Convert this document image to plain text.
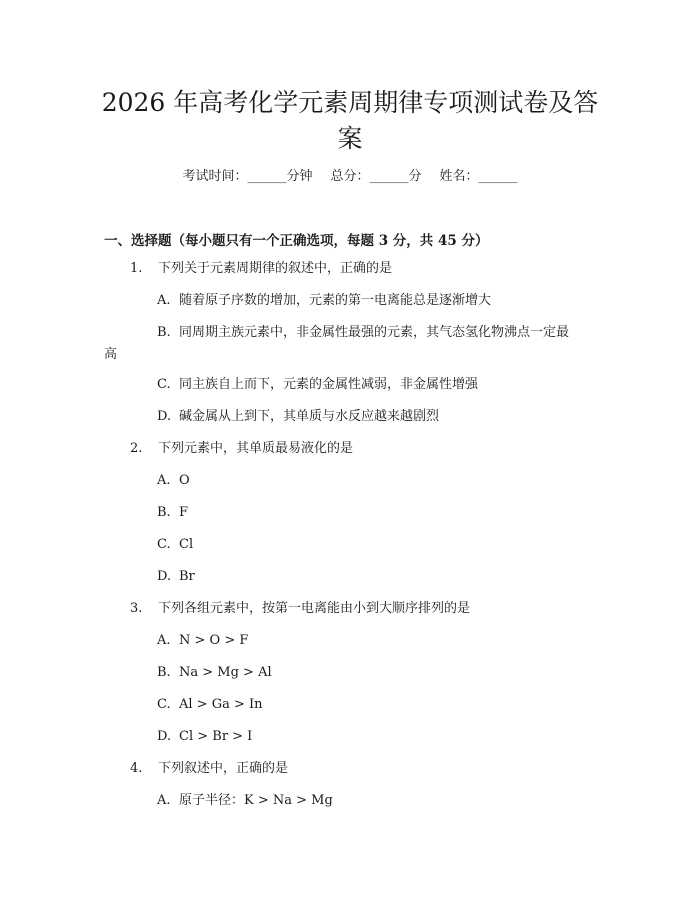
2026 年高考化学元素周期律专项测试卷及答
案
考试时间：______分钟 总分：______分 姓名：______
一、选择题（每小题只有一个正确选项，每题 3 分，共 45 分）
1. 下列关于元素周期律的叙述中，正确的是
A. 随着原子序数的增加，元素的第一电离能总是逐渐增大
B. 同周期主族元素中，非金属性最强的元素，其气态氢化物沸点一定最
高
C. 同主族自上而下，元素的金属性减弱，非金属性增强
D. 碱金属从上到下，其单质与水反应越来越剧烈
2. 下列元素中，其单质最易液化的是
A. O
B. F
C. Cl
D. Br
3. 下列各组元素中，按第一电离能由小到大顺序排列的是
A. N > O > F
B. Na > Mg > Al
C. Al > Ga > In
D. Cl > Br > I
4. 下列叙述中，正确的是
A. 原子半径：K > Na > Mg
